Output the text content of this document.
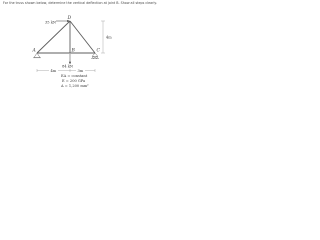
For the truss shown below, determine the vertical deflection at joint B. Show all steps clearly.
D
A	B	C
35 kN
84 kN
4m
4m	3m
EA = constant
E = 200 GPa
A = 1,200 mm²
